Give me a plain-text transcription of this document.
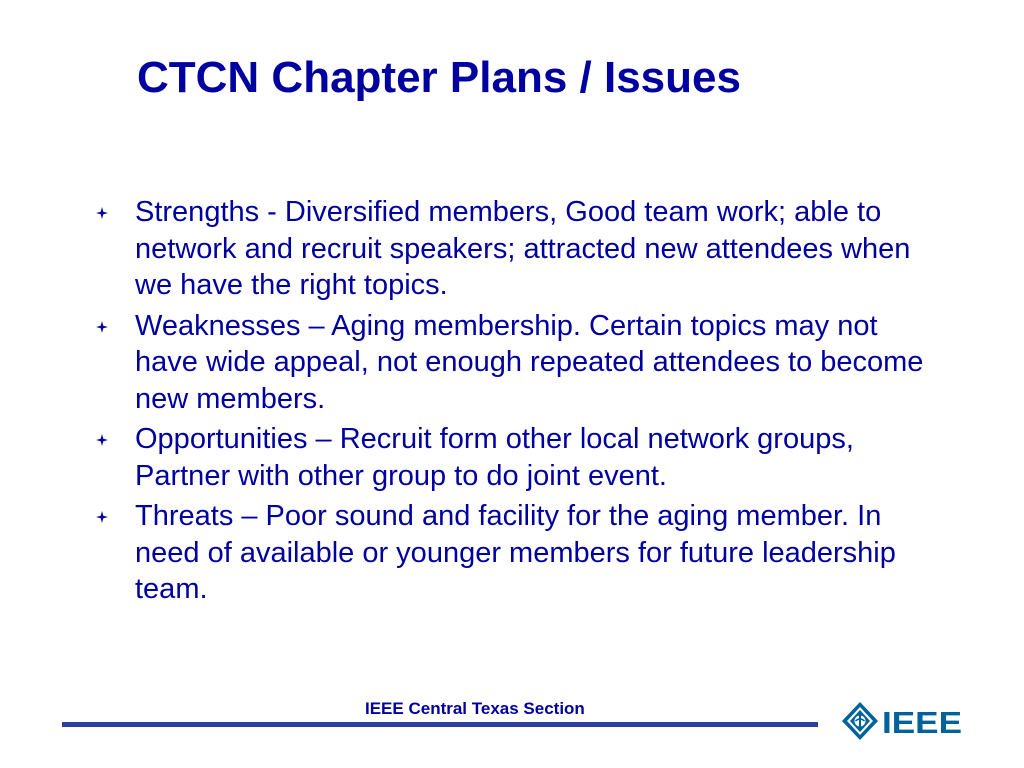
CTCN Chapter Plans / Issues
Strengths - Diversified members, Good team work; able to network and recruit speakers; attracted new attendees when we have the right topics.
Weaknesses – Aging membership. Certain topics may not have wide appeal, not enough repeated attendees to become new members.
Opportunities – Recruit form other local network groups, Partner with other group to do joint event.
Threats – Poor sound and facility for the aging member. In need of available or younger members for future leadership team.
IEEE Central Texas Section	IEEE
